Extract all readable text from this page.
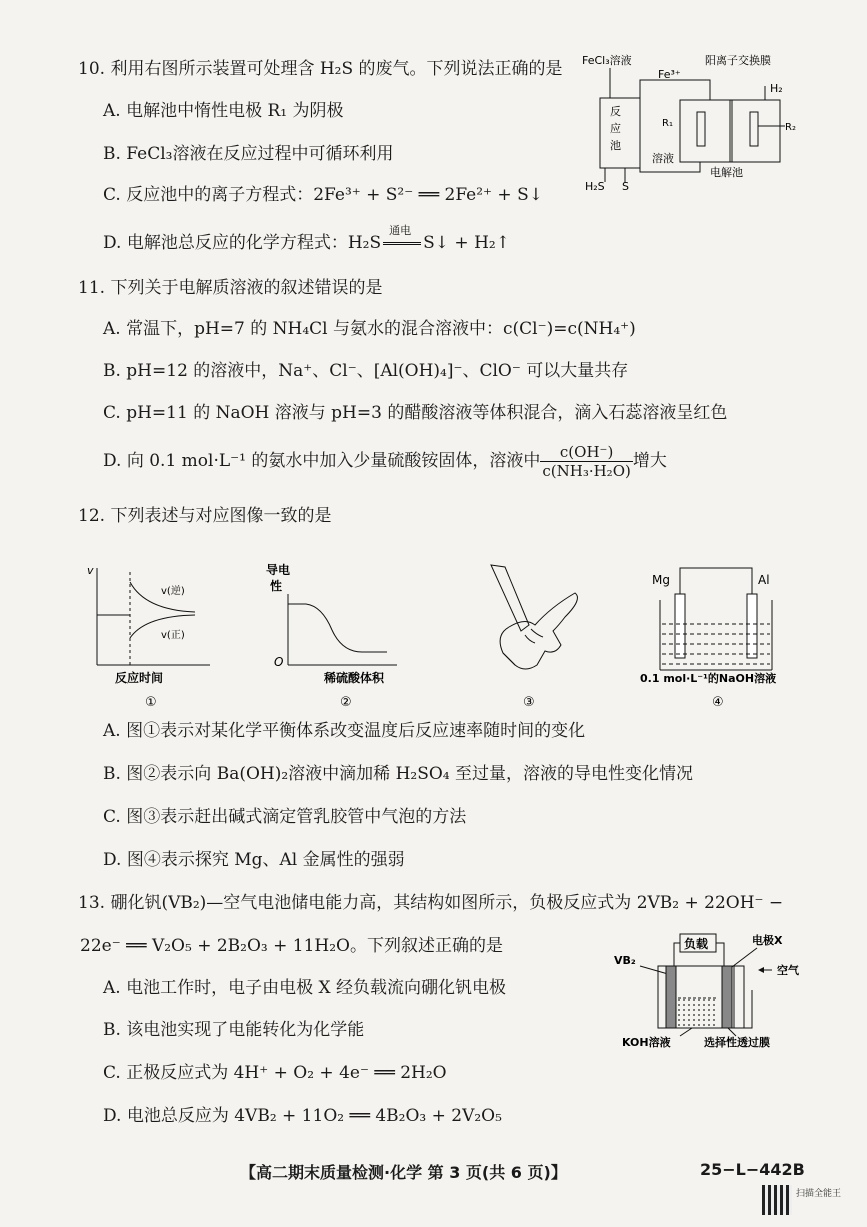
10. 利用右图所示装置可处理含 H₂S 的废气。下列说法正确的是
A. 电解池中惰性电极 R₁ 为阴极
B. FeCl₃溶液在反应过程中可循环利用
C. 反应池中的离子方程式：2Fe³⁺ + S²⁻ ══ 2Fe²⁺ + S↓
D. 电解池总反应的化学方程式：H₂S
通电
S↓ + H₂↑
FeCl₃溶液
Fe³⁺
阳离子交换膜
H₂
反
应
池
R₁	R₂
溶液
电解池
H₂S S
11. 下列关于电解质溶液的叙述错误的是
A. 常温下，pH=7 的 NH₄Cl 与氨水的混合溶液中：c(Cl⁻)=c(NH₄⁺)
B. pH=12 的溶液中，Na⁺、Cl⁻、[Al(OH)₄]⁻、ClO⁻ 可以大量共存
C. pH=11 的 NaOH 溶液与 pH=3 的醋酸溶液等体积混合，滴入石蕊溶液呈红色
D. 向 0.1 mol·L⁻¹ 的氨水中加入少量硫酸铵固体，溶液中 $\frac{c(OH^-)}{\text{c(NH₃·H₂O)}}$ 增大
12. 下列表述与对应图像一致的是
v
v(逆)
v(正)
反应时间
①
导电
性
O
稀硫酸体积
②	③
Mg	Al
0.1 mol·L⁻¹的NaOH溶液
④
A. 图①表示对某化学平衡体系改变温度后反应速率随时间的变化
B. 图②表示向 Ba(OH)₂溶液中滴加稀 H₂SO₄ 至过量，溶液的导电性变化情况
C. 图③表示赶出碱式滴定管乳胶管中气泡的方法
D. 图④表示探究 Mg、Al 金属性的强弱
13. 硼化钒(VB₂)—空气电池储电能力高，其结构如图所示，负极反应式为 2VB₂ + 22OH⁻ −
22e⁻ ══ V₂O₅ + 2B₂O₃ + 11H₂O。下列叙述正确的是
A. 电池工作时，电子由电极 X 经负载流向硼化钒电极
B. 该电池实现了电能转化为化学能
C. 正极反应式为 4H⁺ + O₂ + 4e⁻ ══ 2H₂O
D. 电池总反应为 4VB₂ + 11O₂ ══ 4B₂O₃ + 2V₂O₅
负载	电极X
VB₂
空气
KOH溶液	选择性透过膜
【高二期末质量检测·化学 第 3 页(共 6 页)】	25−L−442B
扫描全能王
